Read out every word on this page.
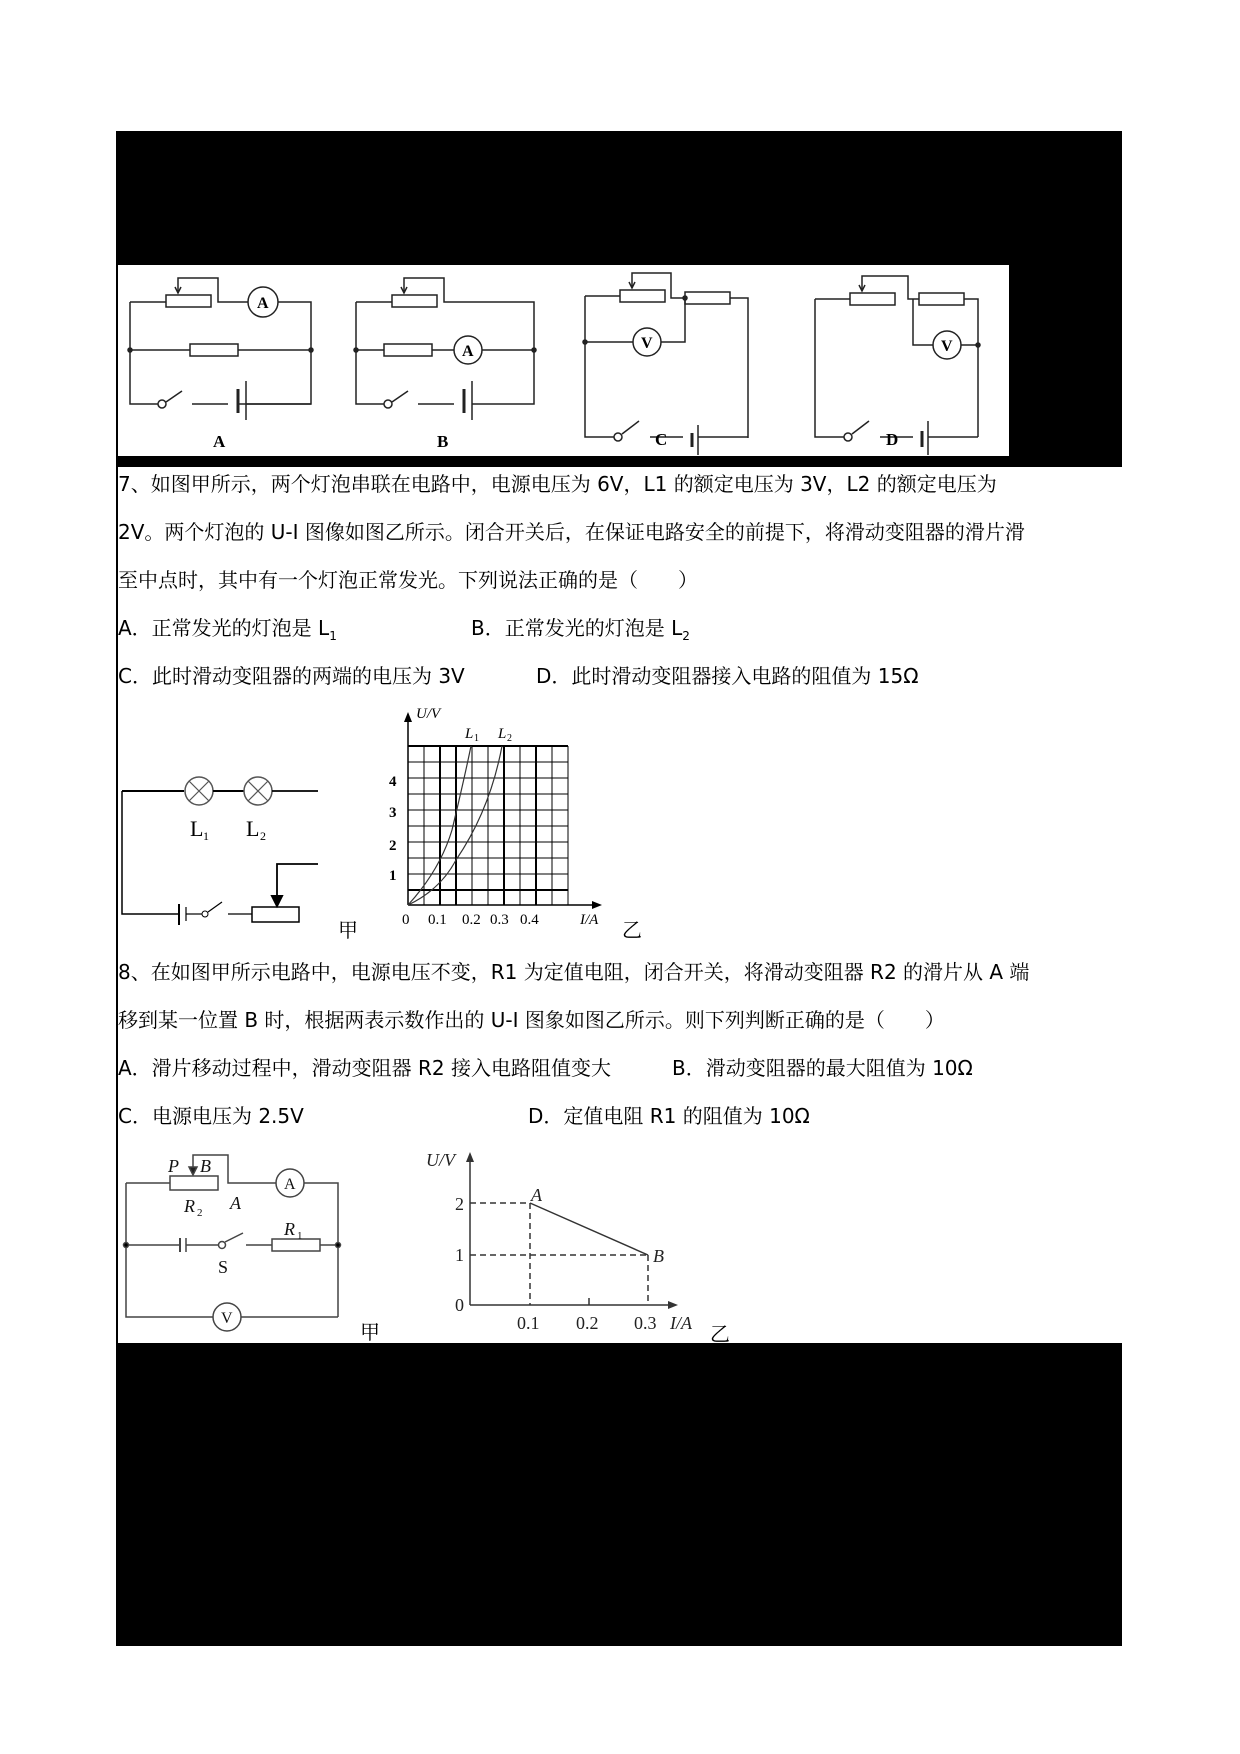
A
A
A
B
V	V
C	D
7、如图甲所示，两个灯泡串联在电路中，电源电压为 6V，L1 的额定电压为 3V，L2 的额定电压为
2V。两个灯泡的 U-I 图像如图乙所示。闭合开关后，在保证电路安全的前提下，将滑动变阻器的滑片滑
至中点时，其中有一个灯泡正常发光。下列说法正确的是（　　）
A．正常发光的灯泡是 $L_1$	B．正常发光的灯泡是 $L_2$
C．此时滑动变阻器的两端的电压为 3V	D．此时滑动变阻器接入电路的阻值为 15Ω
L 1 L 2
甲
U/V
L 1 L 2
1
2
3
4
0 0.1 0.2 0.3 0.4	I/A 乙
8、在如图甲所示电路中，电源电压不变，R1 为定值电阻，闭合开关，将滑动变阻器 R2 的滑片从 A 端
移到某一位置 B 时，根据两表示数作出的 U-I 图象如图乙所示。则下列判断正确的是（　　）
A．滑片移动过程中，滑动变阻器 R2 接入电路阻值变大	B．滑动变阻器的最大阻值为 10Ω
C．电源电压为 2.5V	D．定值电阻 R1 的阻值为 10Ω
P B
A
R 2
R 1
S
A
V
甲
U/V
2
1
0
0.1 0.2 0.3 I/A
A
B
乙
